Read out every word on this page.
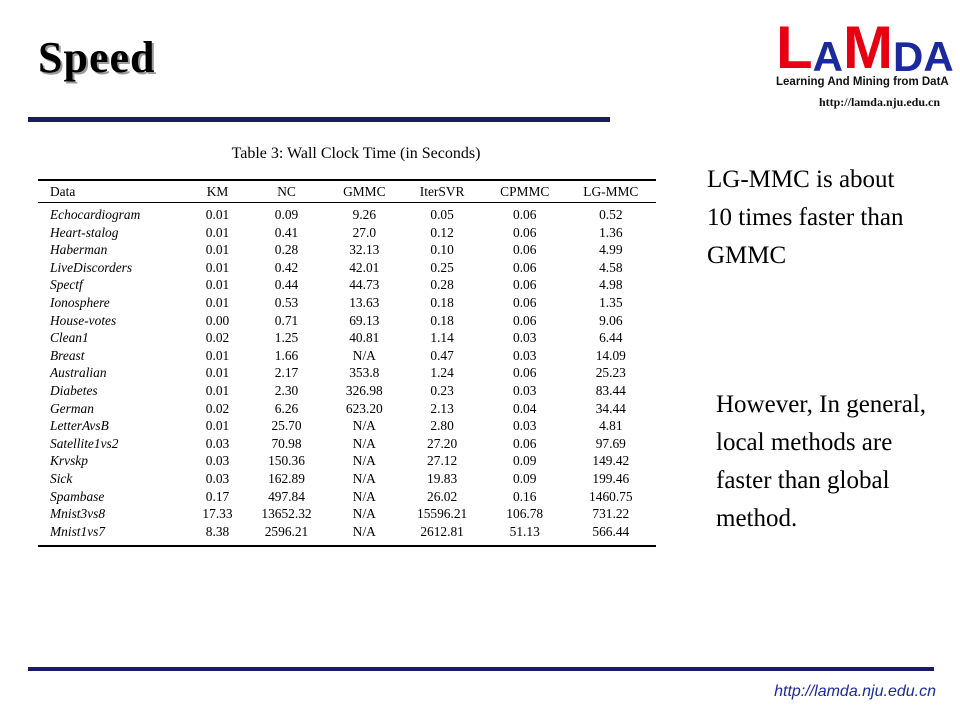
Speed	LAMDA
Learning And Mining from DatA
http://lamda.nju.edu.cn
Table 3: Wall Clock Time (in Seconds)
Data	KM	NC	GMMC	IterSVR	CPMMC	LG-MMC

Echocardiogram	0.01	0.09	9.26	0.05	0.06	0.52
Heart-stalog	0.01	0.41	27.0	0.12	0.06	1.36
Haberman	0.01	0.28	32.13	0.10	0.06	4.99
LiveDiscorders	0.01	0.42	42.01	0.25	0.06	4.58
Spectf	0.01	0.44	44.73	0.28	0.06	4.98
Ionosphere	0.01	0.53	13.63	0.18	0.06	1.35
House-votes	0.00	0.71	69.13	0.18	0.06	9.06
Clean1	0.02	1.25	40.81	1.14	0.03	6.44
Breast	0.01	1.66	N/A	0.47	0.03	14.09
Australian	0.01	2.17	353.8	1.24	0.06	25.23
Diabetes	0.01	2.30	326.98	0.23	0.03	83.44
German	0.02	6.26	623.20	2.13	0.04	34.44
LetterAvsB	0.01	25.70	N/A	2.80	0.03	4.81
Satellite1vs2	0.03	70.98	N/A	27.20	0.06	97.69
Krvskp	0.03	150.36	N/A	27.12	0.09	149.42
Sick	0.03	162.89	N/A	19.83	0.09	199.46
Spambase	0.17	497.84	N/A	26.02	0.16	1460.75
Mnist3vs8	17.33	13652.32	N/A	15596.21	106.78	731.22
Mnist1vs7	8.38	2596.21	N/A	2612.81	51.13	566.44
LG-MMC is about 10 times faster than GMMC
However, In general, local methods are faster than global method.
http://lamda.nju.edu.cn
